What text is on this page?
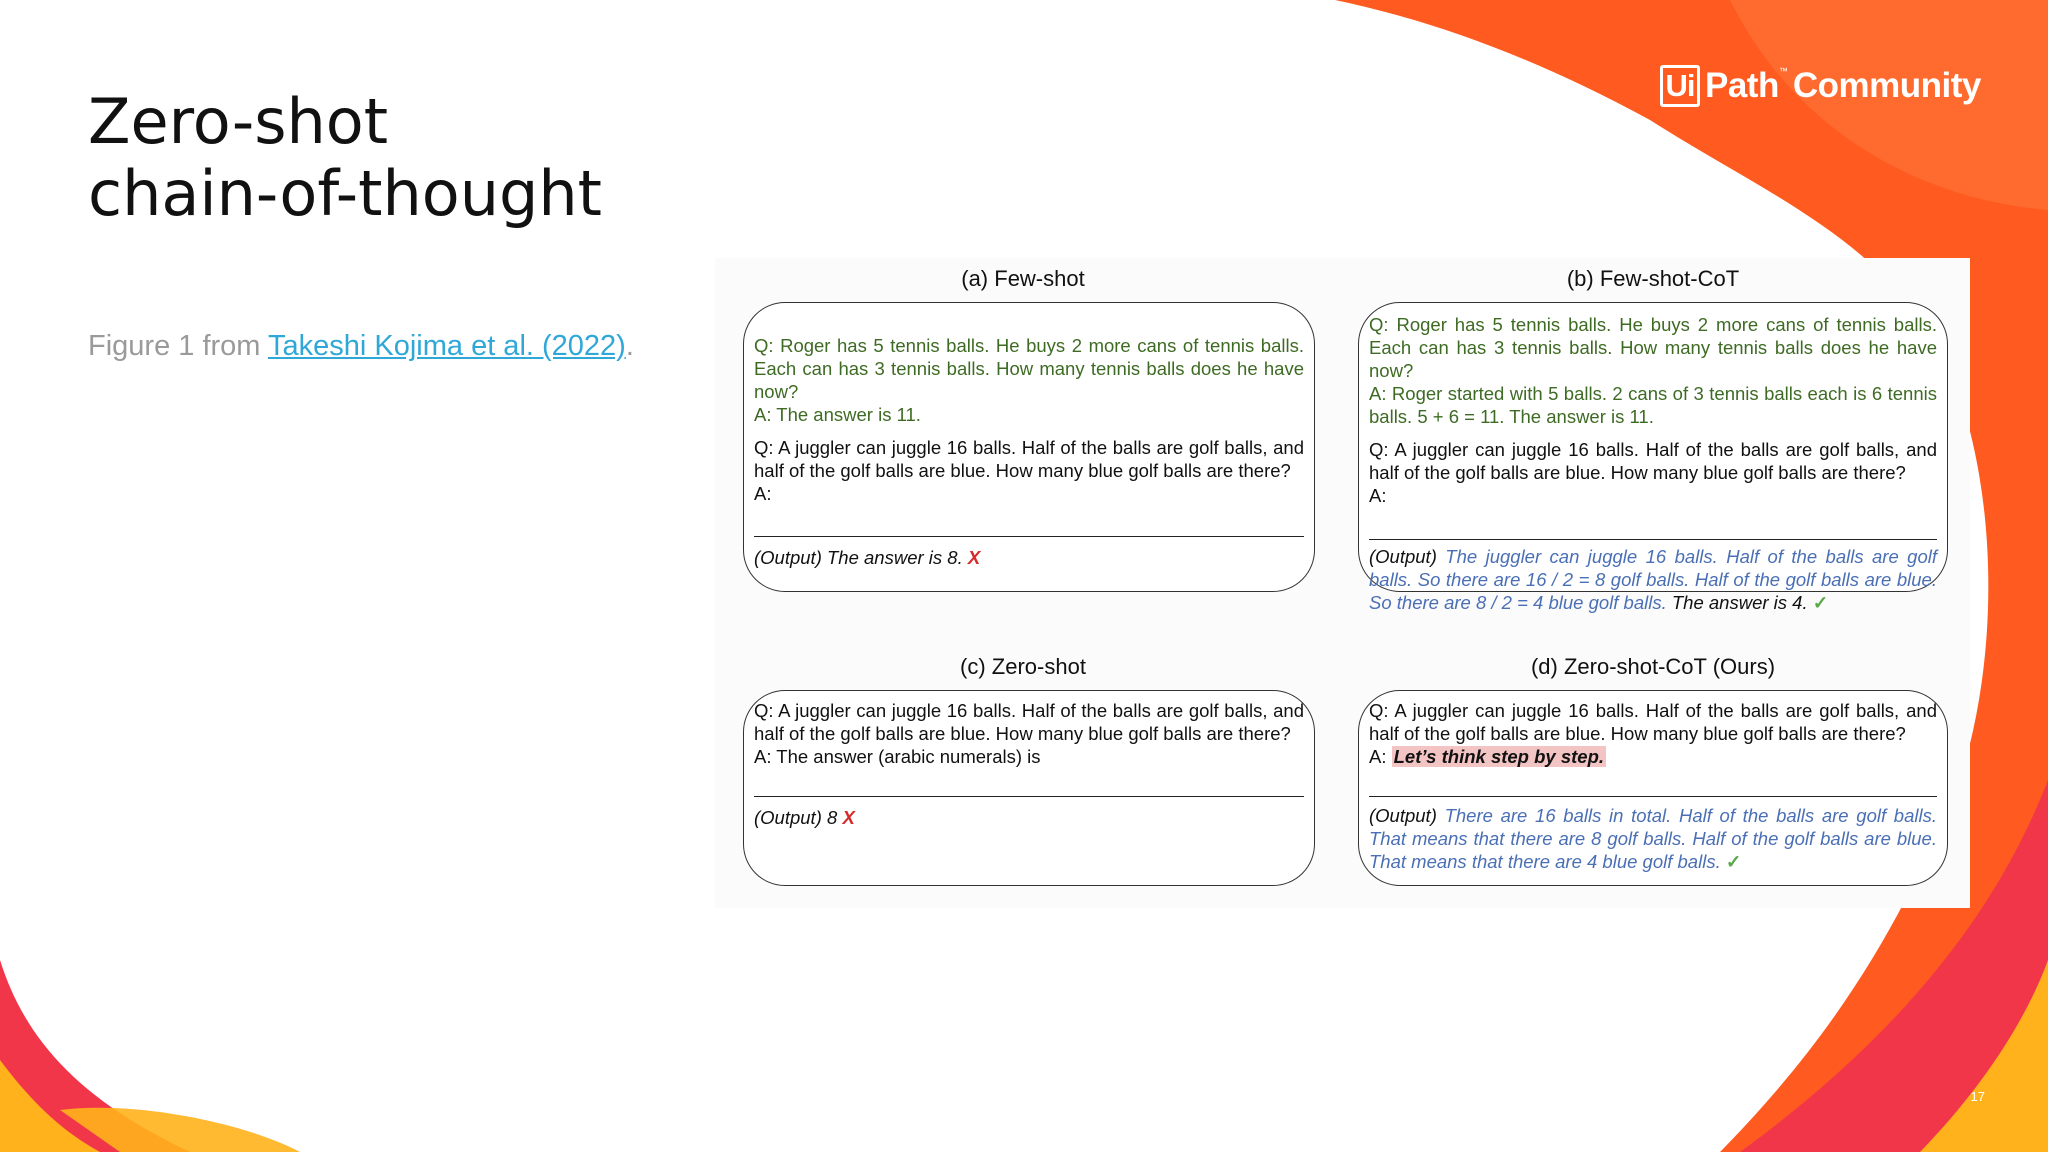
Ui Path ™ Community
Zero-shot
chain-of-thought
Figure 1 from Takeshi Kojima et al. (2022).
(a) Few-shot
Q: Roger has 5 tennis balls. He buys 2 more cans of tennis balls. Each can has 3 tennis balls. How many tennis balls does he have now?
A: The answer is 11.
Q: A juggler can juggle 16 balls. Half of the balls are golf balls, and half of the golf balls are blue. How many blue golf balls are there?
A:
(Output) The answer is 8. X
(b) Few-shot-CoT
Q: Roger has 5 tennis balls. He buys 2 more cans of tennis balls. Each can has 3 tennis balls. How many tennis balls does he have now?
A: Roger started with 5 balls. 2 cans of 3 tennis balls each is 6 tennis balls. 5 + 6 = 11. The answer is 11.
Q: A juggler can juggle 16 balls. Half of the balls are golf balls, and half of the golf balls are blue. How many blue golf balls are there?
A:
(Output) The juggler can juggle 16 balls. Half of the balls are golf balls. So there are 16 / 2 = 8 golf balls. Half of the golf balls are blue. So there are 8 / 2 = 4 blue golf balls. The answer is 4. ✓
(c) Zero-shot
Q: A juggler can juggle 16 balls. Half of the balls are golf balls, and half of the golf balls are blue. How many blue golf balls are there?
A: The answer (arabic numerals) is
(Output) 8 X
(d) Zero-shot-CoT (Ours)
Q: A juggler can juggle 16 balls. Half of the balls are golf balls, and half of the golf balls are blue. How many blue golf balls are there?
A: Let’s think step by step.
(Output) There are 16 balls in total. Half of the balls are golf balls. That means that there are 8 golf balls. Half of the golf balls are blue. That means that there are 4 blue golf balls. ✓
17
